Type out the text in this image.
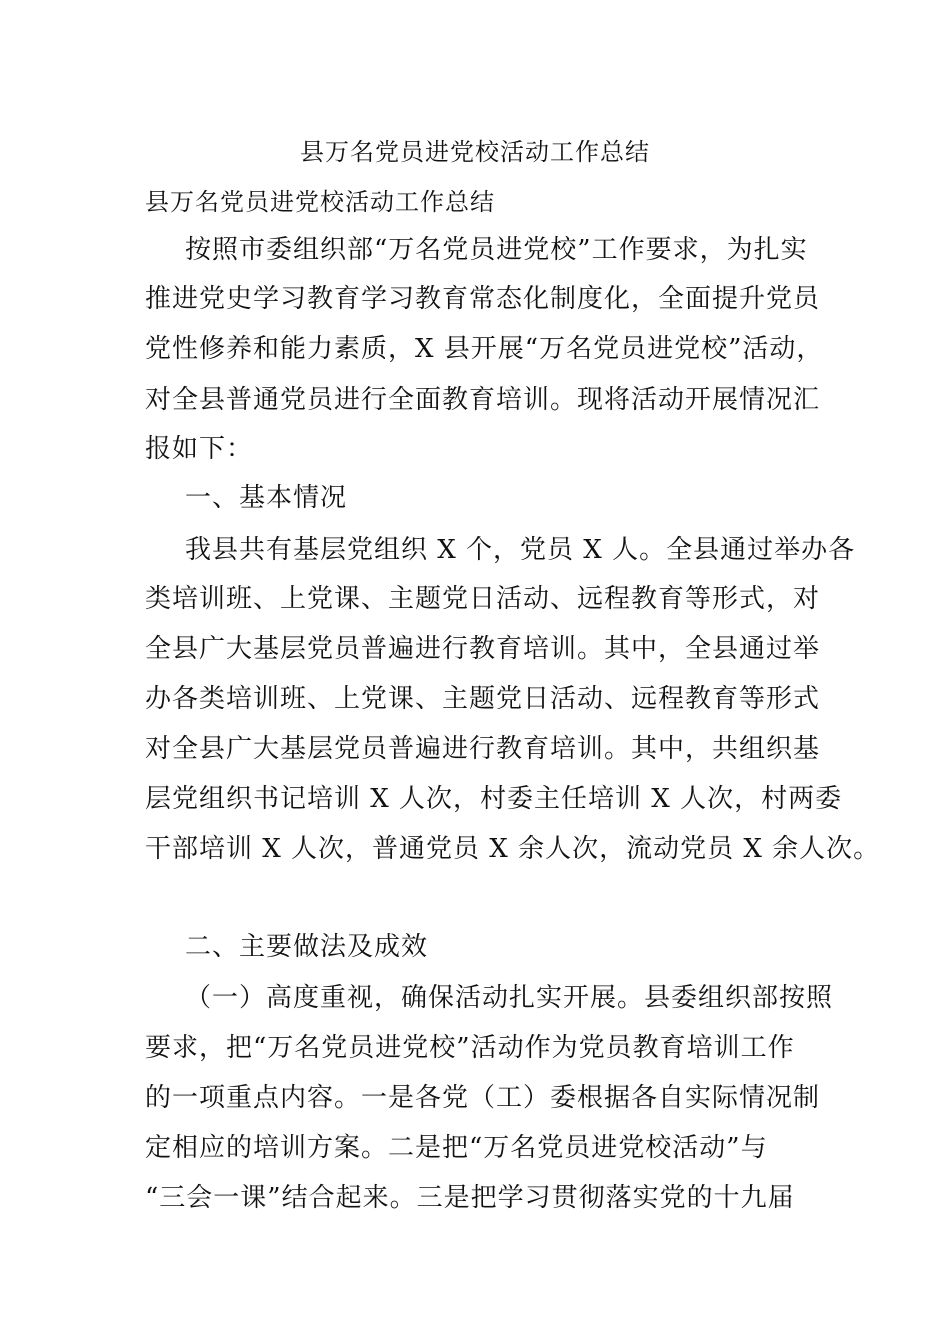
县万名党员进党校活动工作总结
县万名党员进党校活动工作总结
按照市委组织部“万名党员进党校”工作要求，为扎实
推进党史学习教育学习教育常态化制度化，全面提升党员
党性修养和能力素质，X 县开展“万名党员进党校”活动，
对全县普通党员进行全面教育培训。现将活动开展情况汇
报如下：
一、基本情况
我县共有基层党组织 X 个，党员 X 人。全县通过举办各
类培训班、上党课、主题党日活动、远程教育等形式，对
全县广大基层党员普遍进行教育培训。其中，全县通过举
办各类培训班、上党课、主题党日活动、远程教育等形式
对全县广大基层党员普遍进行教育培训。其中，共组织基
层党组织书记培训 X 人次，村委主任培训 X 人次，村两委
干部培训 X 人次，普通党员 X 余人次，流动党员 X 余人次。
二、主要做法及成效
（一）高度重视，确保活动扎实开展。县委组织部按照
要求，把“万名党员进党校”活动作为党员教育培训工作
的一项重点内容。一是各党（工）委根据各自实际情况制
定相应的培训方案。二是把“万名党员进党校活动”与
“三会一课”结合起来。三是把学习贯彻落实党的十九届
